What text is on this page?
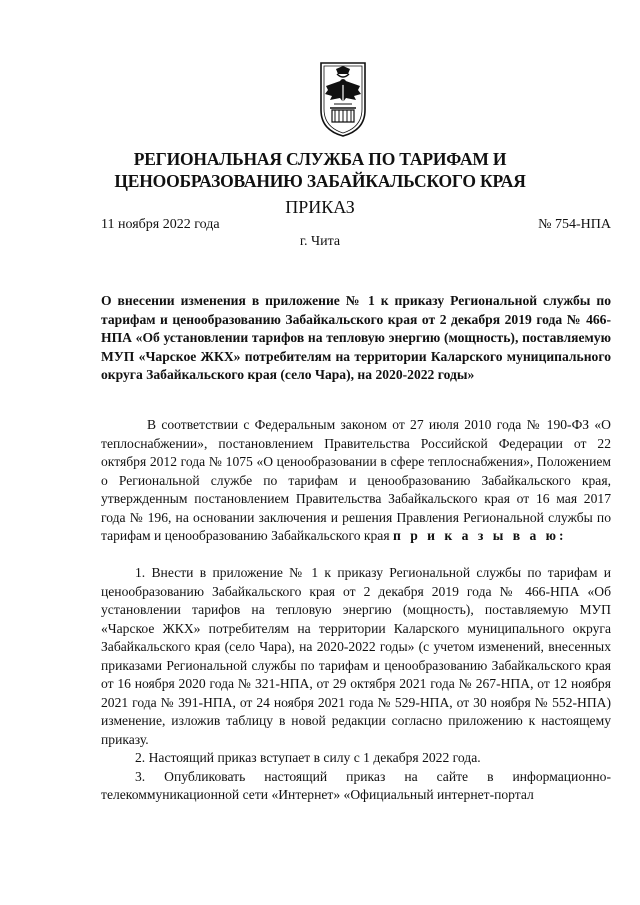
РЕГИОНАЛЬНАЯ СЛУЖБА ПО ТАРИФАМ И
ЦЕНООБРАЗОВАНИЮ ЗАБАЙКАЛЬСКОГО КРАЯ
ПРИКАЗ
11 ноября 2022 года	№ 754-НПА
г. Чита
О внесении изменения в приложение № 1 к приказу Региональной службы по тарифам и ценообразованию Забайкальского края от 2 декабря 2019 года № 466-НПА «Об установлении тарифов на тепловую энергию (мощность), поставляемую МУП «Чарское ЖКХ» потребителям на территории Каларского муниципального округа Забайкальского края (село Чара), на 2020-2022 годы»

В соответствии с Федеральным законом от 27 июля 2010 года № 190-ФЗ «О теплоснабжении», постановлением Правительства Российской Федерации от 22 октября 2012 года № 1075 «О ценообразовании в сфере теплоснабжения», Положением о Региональной службе по тарифам и ценообразованию Забайкальского края, утвержденным постановлением Правительства Забайкальского края от 16 мая 2017 года № 196, на основании заключения и решения Правления Региональной службы по тарифам и ценообразованию Забайкальского края п р и к а з ы в а ю:

1. Внести в приложение № 1 к приказу Региональной службы по тарифам и ценообразованию Забайкальского края от 2 декабря 2019 года № 466-НПА «Об установлении тарифов на тепловую энергию (мощность), поставляемую МУП «Чарское ЖКХ» потребителям на территории Каларского муниципального округа Забайкальского края (село Чара), на 2020-2022 годы» (с учетом изменений, внесенных приказами Региональной службы по тарифам и ценообразованию Забайкальского края от 16 ноября 2020 года № 321-НПА, от 29 октября 2021 года № 267-НПА, от 12 ноября 2021 года № 391-НПА, от 24 ноября 2021 года № 529-НПА, от 30 ноября № 552-НПА) изменение, изложив таблицу в новой редакции согласно приложению к настоящему приказу.

2. Настоящий приказ вступает в силу с 1 декабря 2022 года.

3. Опубликовать настоящий приказ на сайте в информационно-телекоммуникационной сети «Интернет» «Официальный интернет-портал
